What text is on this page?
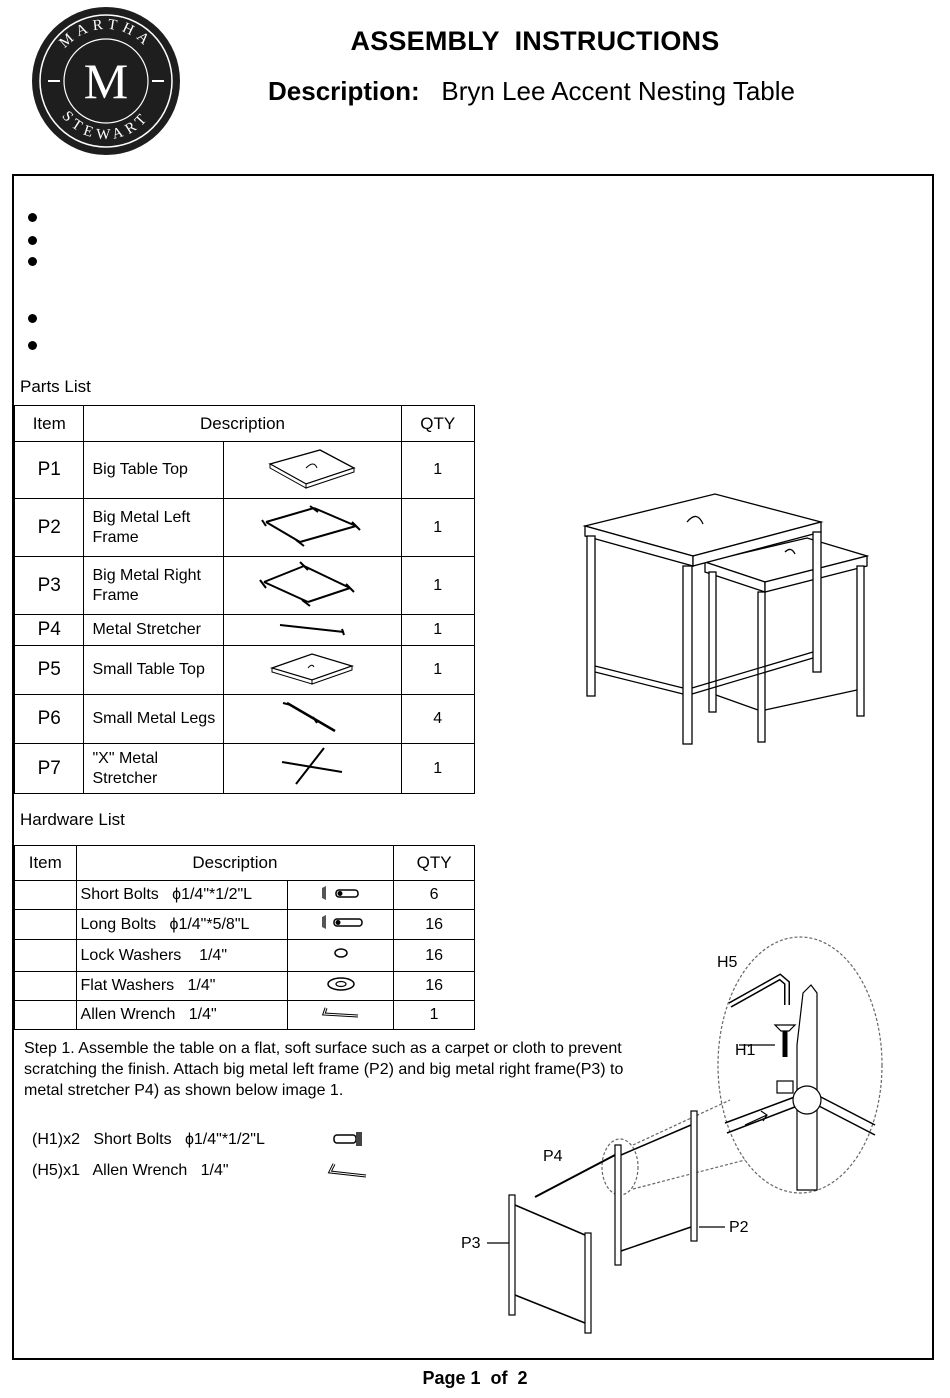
MARTHA
STEWART
M
ASSEMBLY  INSTRUCTIONS
Description: Bryn Lee Accent Nesting Table
Parts List
Item	Description		QTY
P1	Big Table Top		1
P2	Big Metal Left Frame		1
P3	Big Metal Right Frame		1
P4	Metal Stretcher		1
P5	Small Table Top		1
P6	Small Metal Legs		4
P7	"X" Metal Stretcher		1
Hardware List
Item	Description		QTY
	Short Bolts   ϕ1/4"*1/2"L		6
	Long Bolts   ϕ1/4"*5/8"L		16
	Lock Washers    1/4"		16
	Flat Washers   1/4"		16
	Allen Wrench   1/4"		1
Step 1. Assemble the table on a flat, soft surface such as a carpet or cloth to prevent scratching the finish. Attach big metal left frame (P2) and big metal right frame(P3) to metal stretcher P4) as shown below image 1.
(H1)x2   Short Bolts   ϕ1/4"*1/2"L
(H5)x1   Allen Wrench   1/4"
H5
H1
P4
P3
P2
Page 1  of  2
